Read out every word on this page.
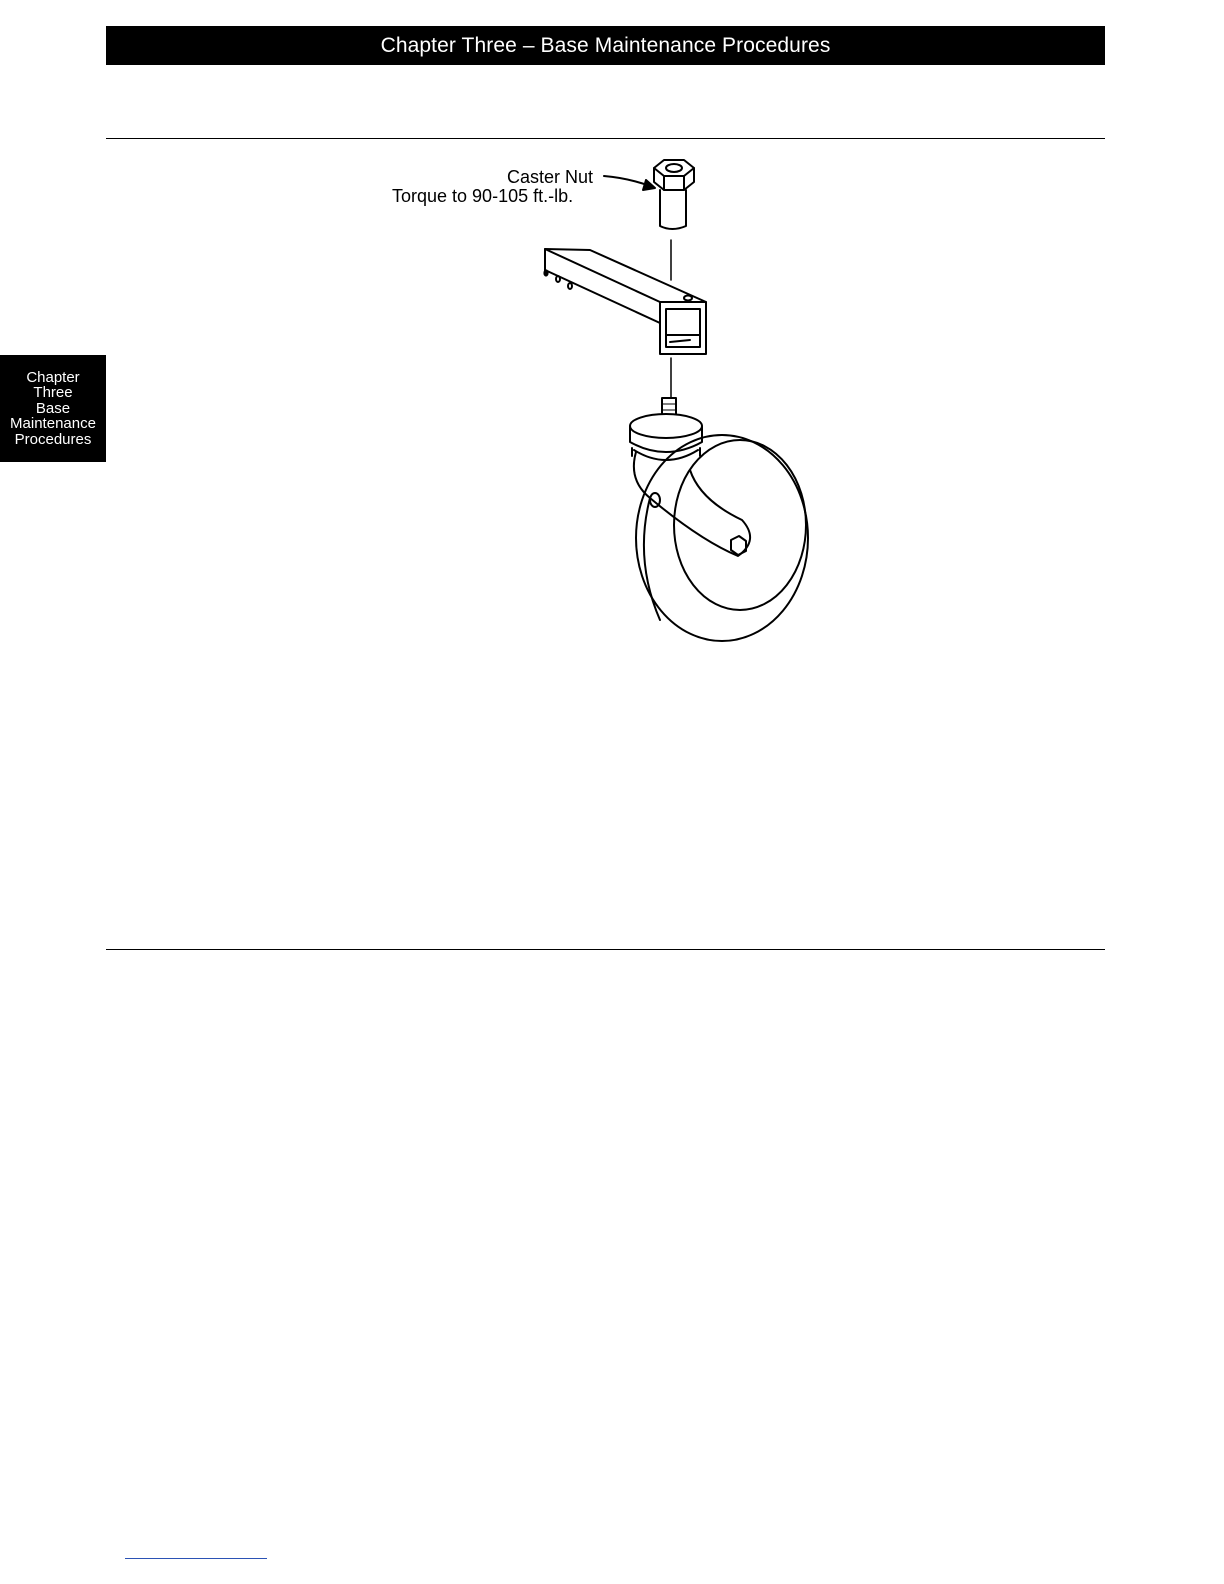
Chapter Three – Base Maintenance Procedures
Chapter
Three
Base
Maintenance
Procedures
Caster Nut
Torque to 90-105 ft.-lb.
